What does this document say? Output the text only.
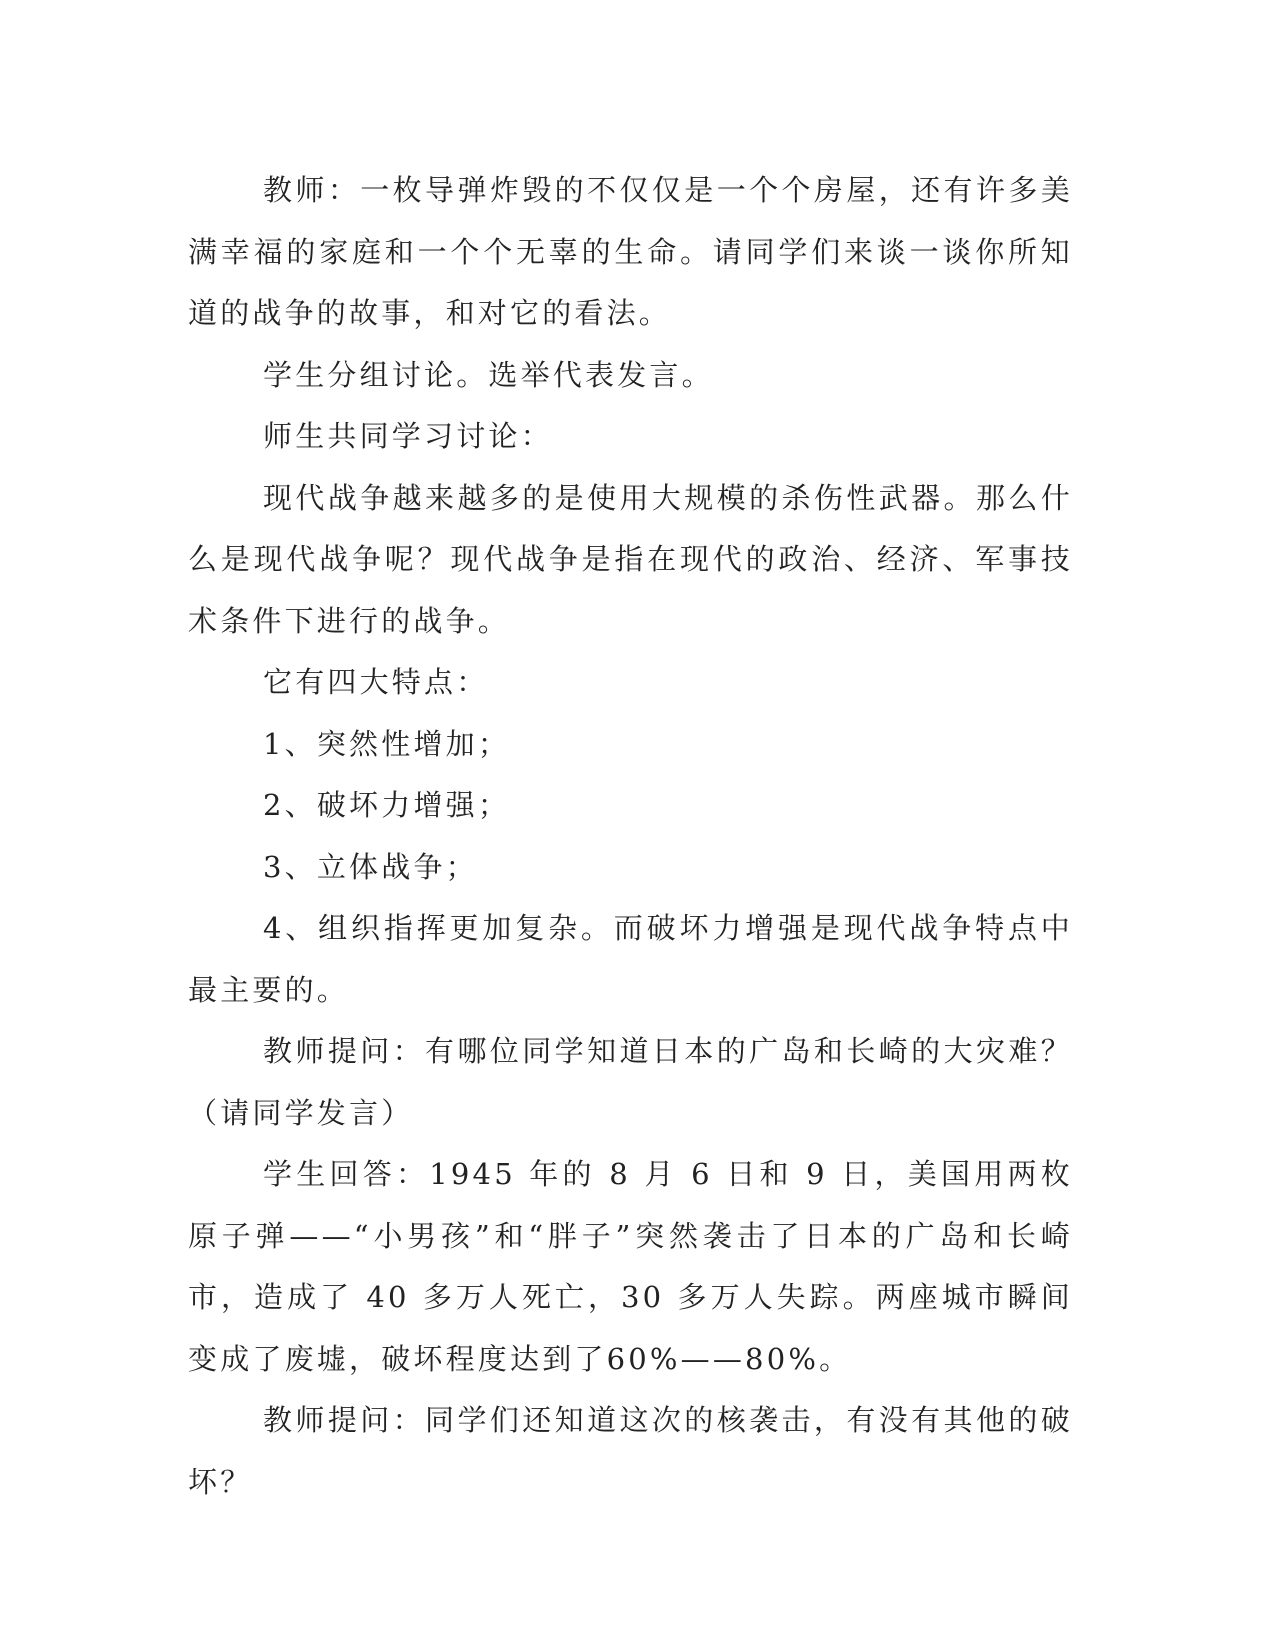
教师：一枚导弹炸毁的不仅仅是一个个房屋，还有许多美满幸福的家庭和一个个无辜的生命。请同学们来谈一谈你所知道的战争的故事，和对它的看法。

学生分组讨论。选举代表发言。

师生共同学习讨论：

现代战争越来越多的是使用大规模的杀伤性武器。那么什么是现代战争呢？现代战争是指在现代的政治、经济、军事技术条件下进行的战争。

它有四大特点：

1、突然性增加；

2、破坏力增强；

3、立体战争；

4、组织指挥更加复杂。而破坏力增强是现代战争特点中最主要的。

教师提问：有哪位同学知道日本的广岛和长崎的大灾难？（请同学发言）

学生回答：1945 年的 8 月 6 日和 9 日，美国用两枚原子弹——“小男孩”和“胖子”突然袭击了日本的广岛和长崎市，造成了 40 多万人死亡，30 多万人失踪。两座城市瞬间变成了废墟，破坏程度达到了60%——80%。

教师提问：同学们还知道这次的核袭击，有没有其他的破坏？
